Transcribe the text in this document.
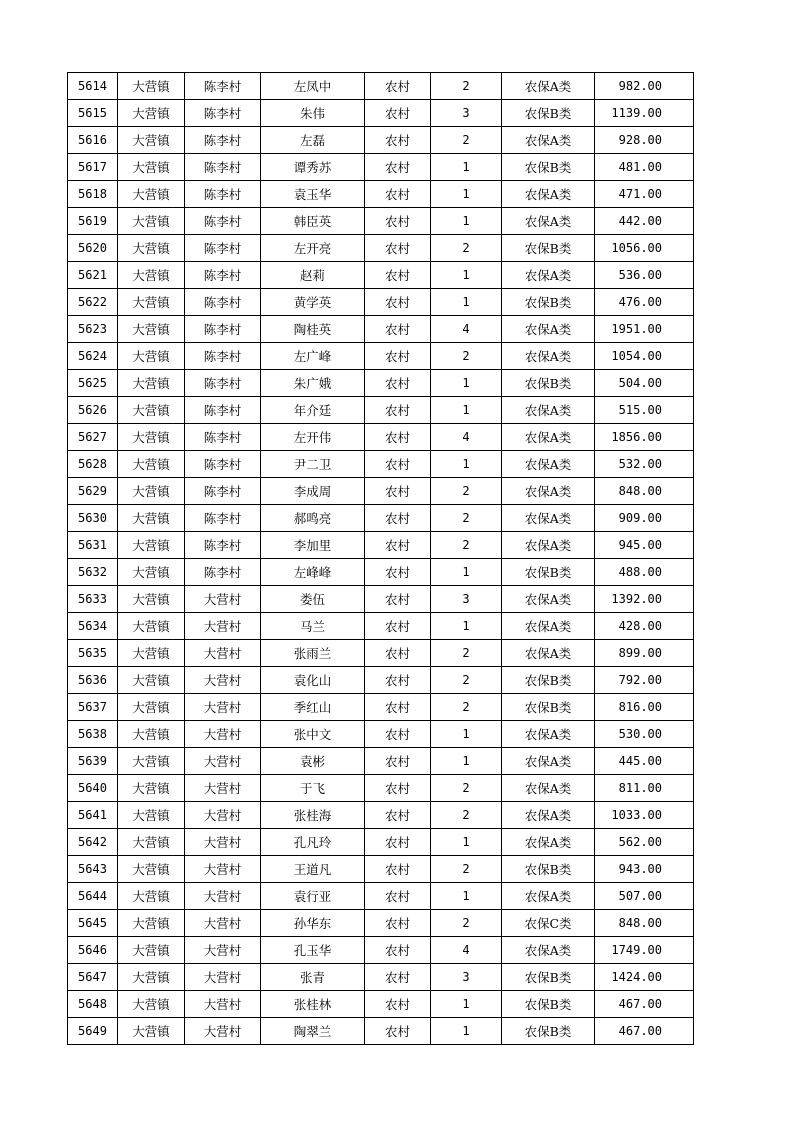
5614	大营镇	陈李村	左凤中	农村	2	农保A类	982.00
5615	大营镇	陈李村	朱伟	农村	3	农保B类	1139.00
5616	大营镇	陈李村	左磊	农村	2	农保A类	928.00
5617	大营镇	陈李村	谭秀苏	农村	1	农保B类	481.00
5618	大营镇	陈李村	袁玉华	农村	1	农保A类	471.00
5619	大营镇	陈李村	韩臣英	农村	1	农保A类	442.00
5620	大营镇	陈李村	左开亮	农村	2	农保B类	1056.00
5621	大营镇	陈李村	赵莉	农村	1	农保A类	536.00
5622	大营镇	陈李村	黄学英	农村	1	农保B类	476.00
5623	大营镇	陈李村	陶桂英	农村	4	农保A类	1951.00
5624	大营镇	陈李村	左广峰	农村	2	农保A类	1054.00
5625	大营镇	陈李村	朱广娥	农村	1	农保B类	504.00
5626	大营镇	陈李村	年介廷	农村	1	农保A类	515.00
5627	大营镇	陈李村	左开伟	农村	4	农保A类	1856.00
5628	大营镇	陈李村	尹二卫	农村	1	农保A类	532.00
5629	大营镇	陈李村	李成周	农村	2	农保A类	848.00
5630	大营镇	陈李村	郝鸣亮	农村	2	农保A类	909.00
5631	大营镇	陈李村	李加里	农村	2	农保A类	945.00
5632	大营镇	陈李村	左峰峰	农村	1	农保B类	488.00
5633	大营镇	大营村	娄伍	农村	3	农保A类	1392.00
5634	大营镇	大营村	马兰	农村	1	农保A类	428.00
5635	大营镇	大营村	张雨兰	农村	2	农保A类	899.00
5636	大营镇	大营村	袁化山	农村	2	农保B类	792.00
5637	大营镇	大营村	季红山	农村	2	农保B类	816.00
5638	大营镇	大营村	张中文	农村	1	农保A类	530.00
5639	大营镇	大营村	袁彬	农村	1	农保A类	445.00
5640	大营镇	大营村	于飞	农村	2	农保A类	811.00
5641	大营镇	大营村	张桂海	农村	2	农保A类	1033.00
5642	大营镇	大营村	孔凡玲	农村	1	农保A类	562.00
5643	大营镇	大营村	王道凡	农村	2	农保B类	943.00
5644	大营镇	大营村	袁行亚	农村	1	农保A类	507.00
5645	大营镇	大营村	孙华东	农村	2	农保C类	848.00
5646	大营镇	大营村	孔玉华	农村	4	农保A类	1749.00
5647	大营镇	大营村	张青	农村	3	农保B类	1424.00
5648	大营镇	大营村	张桂林	农村	1	农保B类	467.00
5649	大营镇	大营村	陶翠兰	农村	1	农保B类	467.00
